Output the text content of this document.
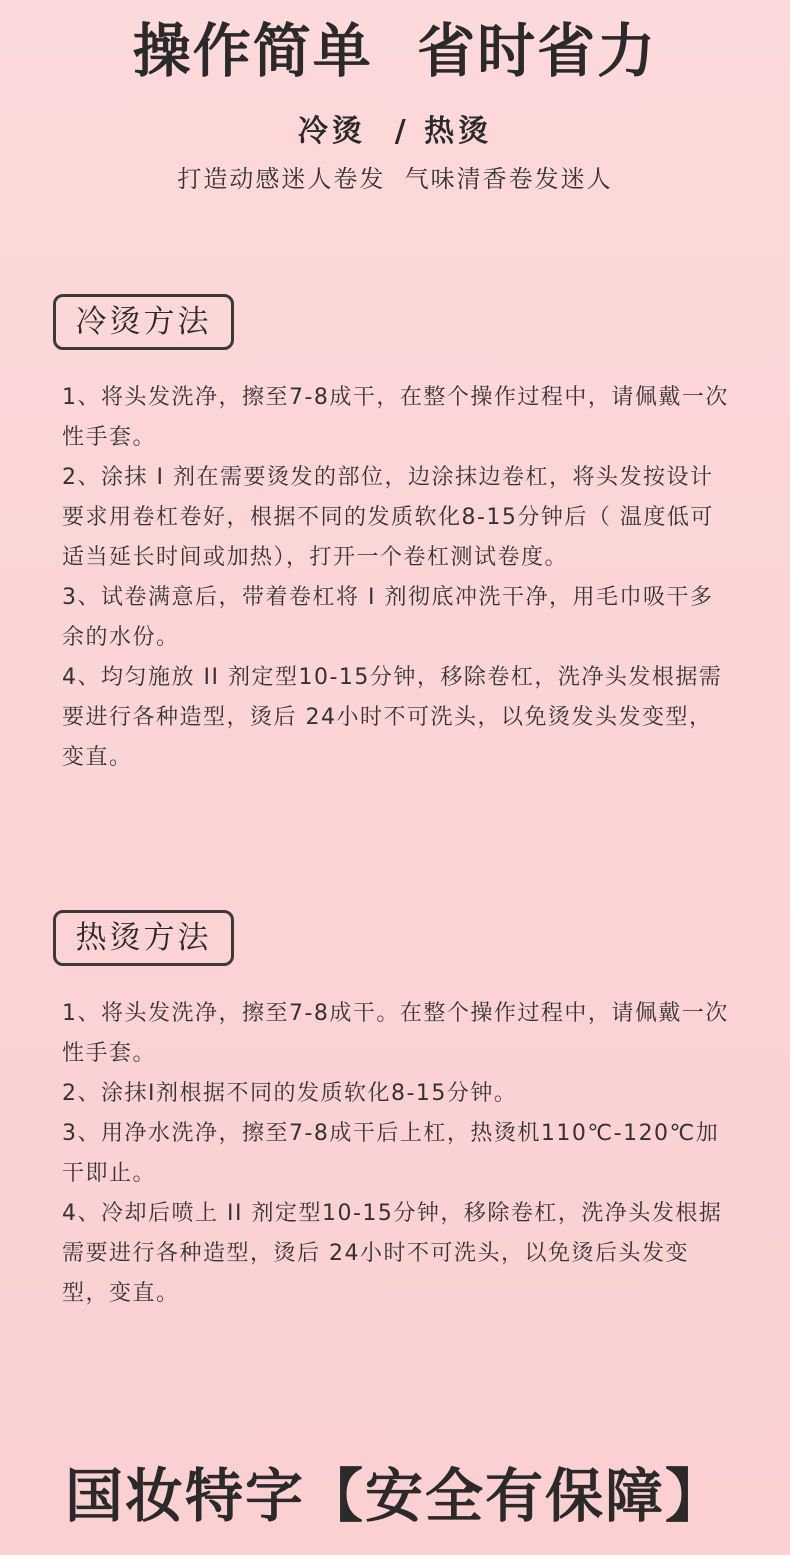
操作简单  省时省力
冷烫  / 热烫
打造动感迷人卷发  气味清香卷发迷人
冷烫方法
1、将头发洗净，擦至7-8成干，在整个操作过程中，请佩戴一次性手套。
2、涂抹 I 剂在需要烫发的部位，边涂抹边卷杠，将头发按设计要求用卷杠卷好，根据不同的发质软化8-15分钟后（ 温度低可适当延长时间或加热），打开一个卷杠测试卷度。
3、试卷满意后，带着卷杠将 I 剂彻底冲洗干净，用毛巾吸干多余的水份。
4、均匀施放 II 剂定型10-15分钟，移除卷杠，洗净头发根据需要进行各种造型，烫后 24小时不可洗头，以免烫发头发变型，变直。
热烫方法
1、将头发洗净，擦至7-8成干。在整个操作过程中，请佩戴一次性手套。
2、涂抹I剂根据不同的发质软化8-15分钟。
3、用净水洗净，擦至7-8成干后上杠，热烫机110℃-120℃加干即止。
4、冷却后喷上 II 剂定型10-15分钟，移除卷杠，洗净头发根据需要进行各种造型，烫后 24小时不可洗头，以免烫后头发变型，变直。
国妆特字【安全有保障】
